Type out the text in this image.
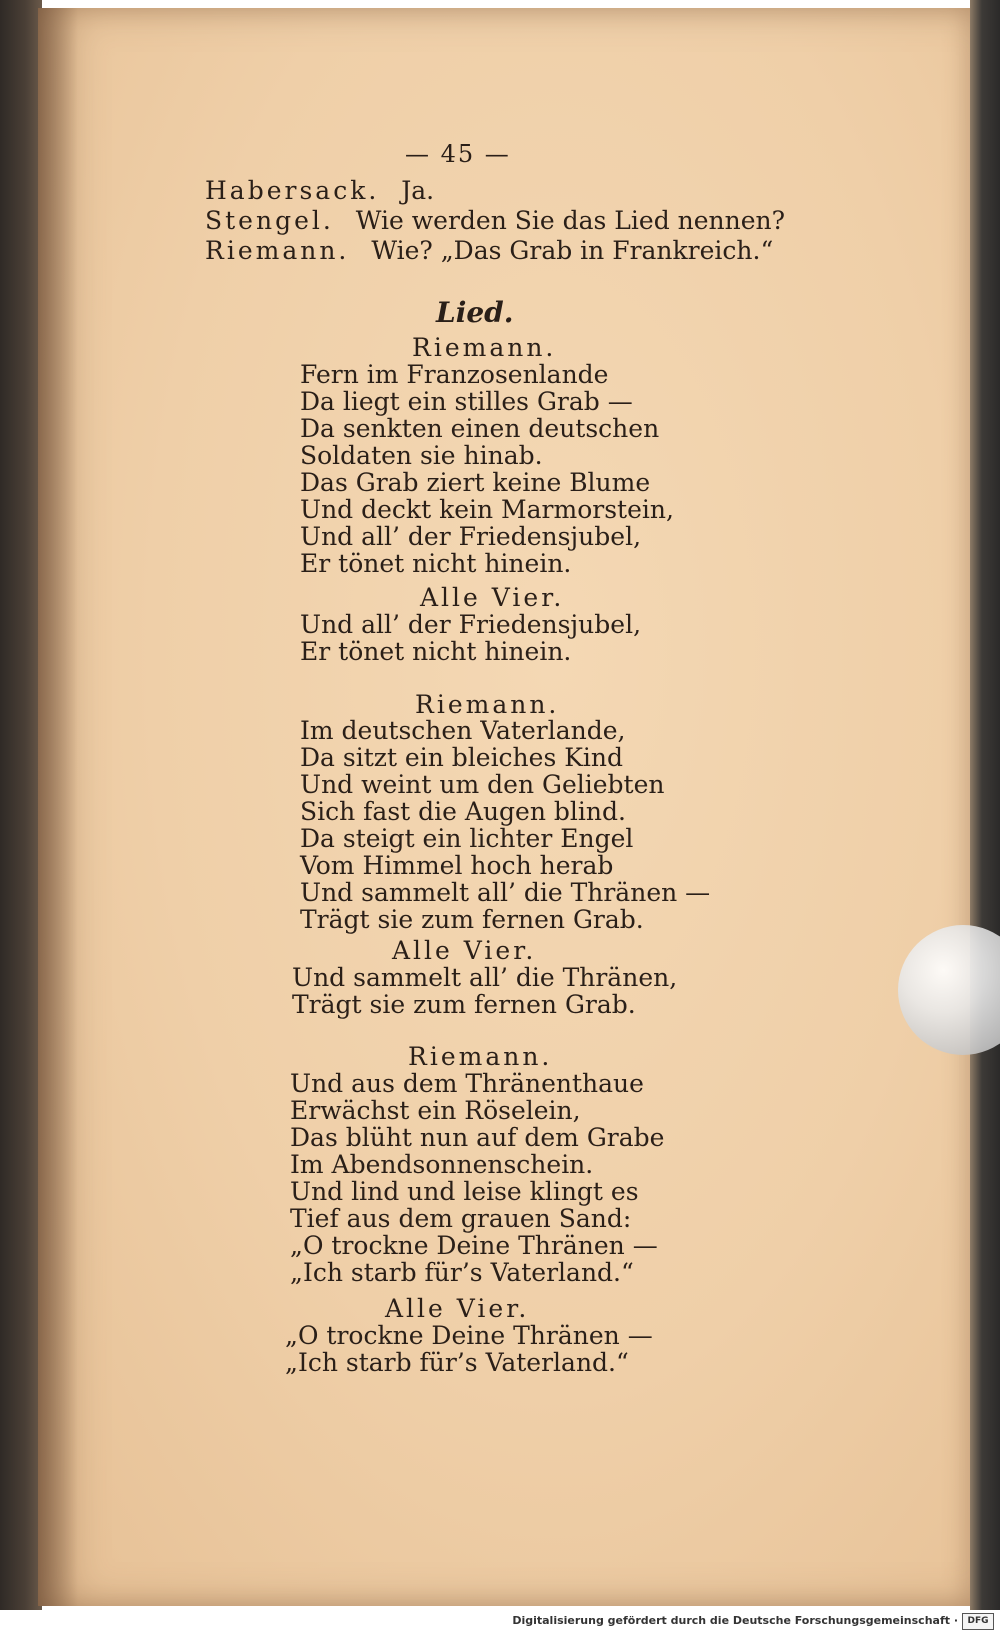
— 45 —
Habersack. Ja.
Stengel. Wie werden Sie das Lied nennen?
Riemann. Wie? „Das Grab in Frankreich.“
Lied.
Riemann.
Fern im Franzosenlande
Da liegt ein stilles Grab —
Da senkten einen deutschen
Soldaten sie hinab.
Das Grab ziert keine Blume
Und deckt kein Marmorstein,
Und all’ der Friedensjubel,
Er tönet nicht hinein.
Alle Vier.
Und all’ der Friedensjubel,
Er tönet nicht hinein.
Riemann.
Im deutschen Vaterlande,
Da sitzt ein bleiches Kind
Und weint um den Geliebten
Sich fast die Augen blind.
Da steigt ein lichter Engel
Vom Himmel hoch herab
Und sammelt all’ die Thränen —
Trägt sie zum fernen Grab.
Alle Vier.
Und sammelt all’ die Thränen,
Trägt sie zum fernen Grab.
Riemann.
Und aus dem Thränenthaue
Erwächst ein Röselein,
Das blüht nun auf dem Grabe
Im Abendsonnenschein.
Und lind und leise klingt es
Tief aus dem grauen Sand:
„O trockne Deine Thränen —
„Ich starb für’s Vaterland.“
Alle Vier.
„O trockne Deine Thränen —
„Ich starb für’s Vaterland.“
Digitalisierung gefördert durch die Deutsche Forschungsgemeinschaft ·	DFG
